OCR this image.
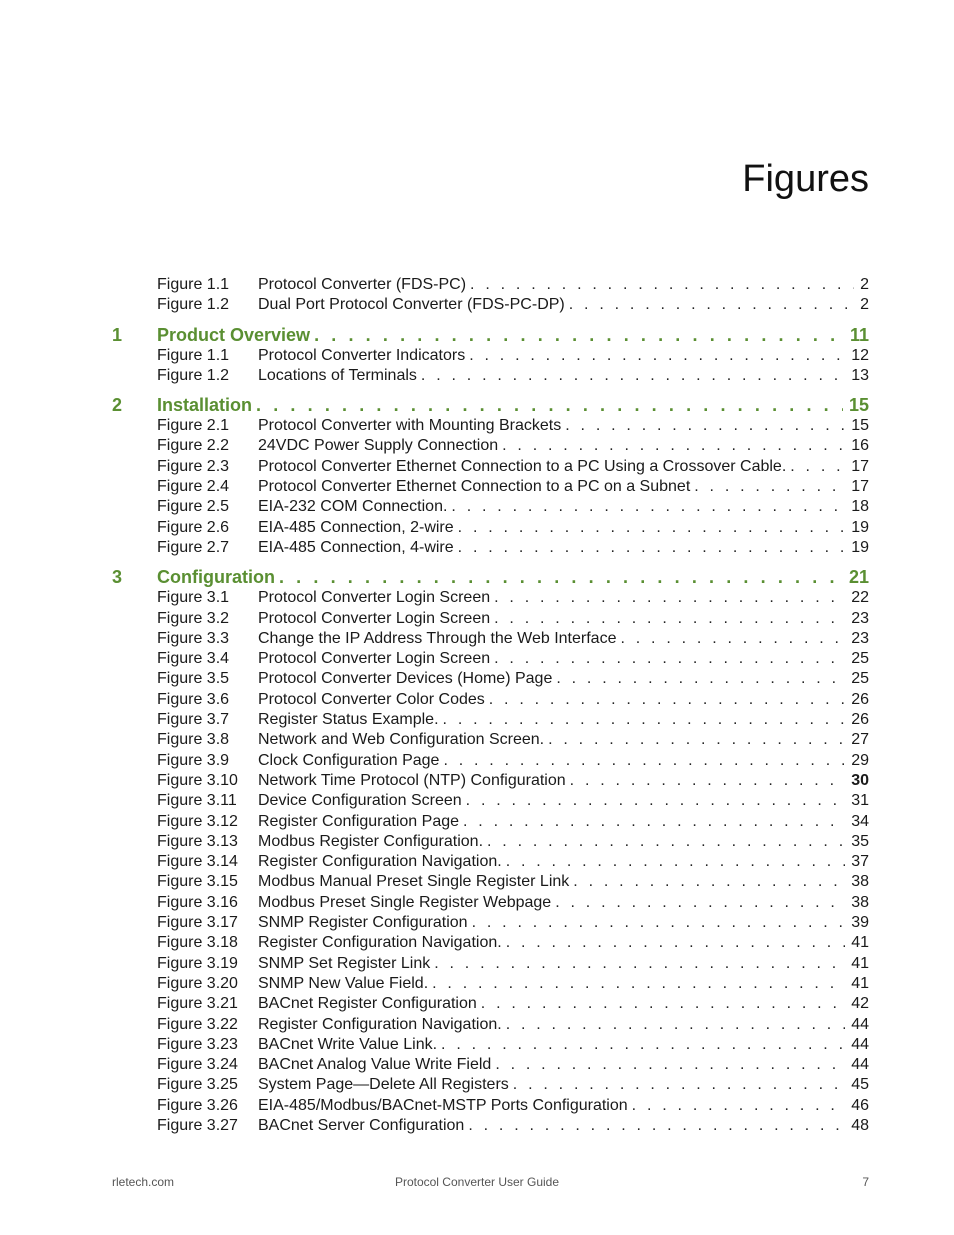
Figures
Figure 1.1 Protocol Converter (FDS-PC) . . .	2
Figure 1.2 Dual Port Protocol Converter (FDS-PC-DP) . . .	2
1 Product Overview . . .	11
Figure 1.1 Protocol Converter Indicators . . .	12
Figure 1.2 Locations of Terminals . . .	13
2 Installation . . .	15
Figure 2.1 Protocol Converter with Mounting Brackets . . .	15
Figure 2.2 24VDC Power Supply Connection . . .	16
Figure 2.3 Protocol Converter Ethernet Connection to a PC Using a Crossover Cable. . . .	17
Figure 2.4 Protocol Converter Ethernet Connection to a PC on a Subnet . . .	17
Figure 2.5 EIA-232 COM Connection. . . .	18
Figure 2.6 EIA-485 Connection, 2-wire . . .	19
Figure 2.7 EIA-485 Connection, 4-wire . . .	19
3 Configuration . . .	21
Figure 3.1 Protocol Converter Login Screen . . .	22
Figure 3.2 Protocol Converter Login Screen . . .	23
Figure 3.3 Change the IP Address Through the Web Interface . . .	23
Figure 3.4 Protocol Converter Login Screen . . .	25
Figure 3.5 Protocol Converter Devices (Home) Page . . .	25
Figure 3.6 Protocol Converter Color Codes . . .	26
Figure 3.7 Register Status Example. . . .	26
Figure 3.8 Network and Web Configuration Screen. . . .	27
Figure 3.9 Clock Configuration Page . . .	29
Figure 3.10 Network Time Protocol (NTP) Configuration . . .	30
Figure 3.11 Device Configuration Screen . . .	31
Figure 3.12 Register Configuration Page . . .	34
Figure 3.13 Modbus Register Configuration. . . .	35
Figure 3.14 Register Configuration Navigation. . . .	37
Figure 3.15 Modbus Manual Preset Single Register Link . . .	38
Figure 3.16 Modbus Preset Single Register Webpage . . .	38
Figure 3.17 SNMP Register Configuration . . .	39
Figure 3.18 Register Configuration Navigation. . . .	41
Figure 3.19 SNMP Set Register Link . . .	41
Figure 3.20 SNMP New Value Field. . . .	41
Figure 3.21 BACnet Register Configuration . . .	42
Figure 3.22 Register Configuration Navigation. . . .	44
Figure 3.23 BACnet Write Value Link. . . .	44
Figure 3.24 BACnet Analog Value Write Field . . .	44
Figure 3.25 System Page—Delete All Registers . . .	45
Figure 3.26 EIA-485/Modbus/BACnet-MSTP Ports Configuration . . .	46
Figure 3.27 BACnet Server Configuration . . .	48
rletech.com	Protocol Converter User Guide	7
